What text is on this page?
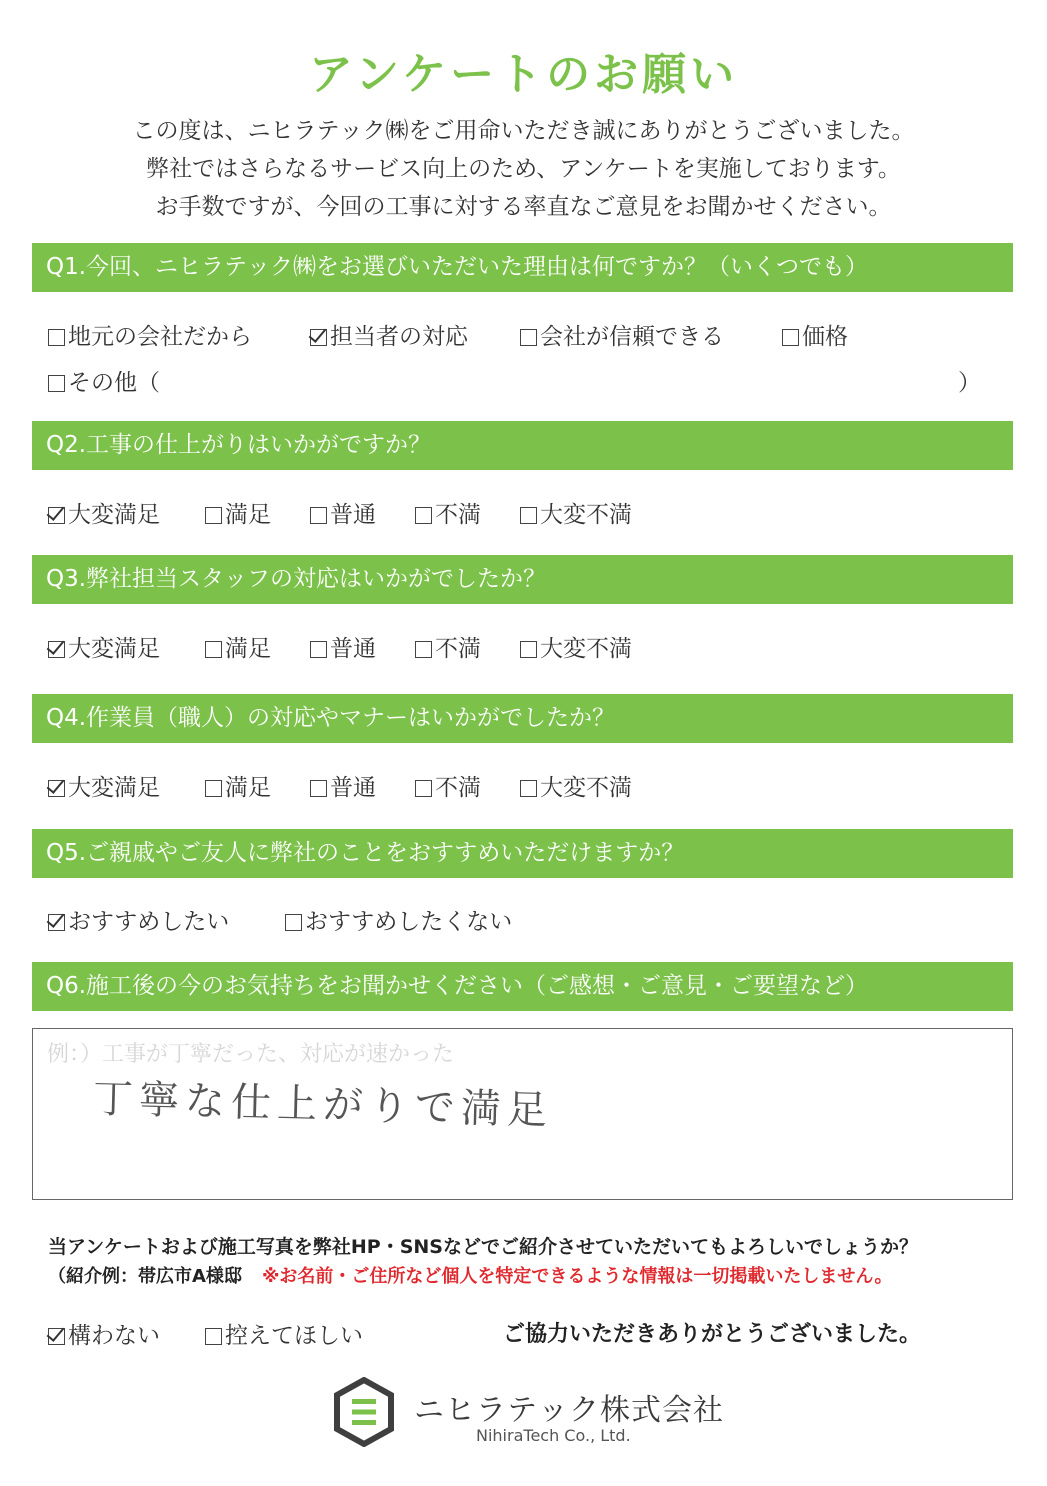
アンケートのお願い
この度は、ニヒラテック㈱をご用命いただき誠にありがとうございました。
弊社ではさらなるサービス向上のため、アンケートを実施しております。
お手数ですが、今回の工事に対する率直なご意見をお聞かせください。
Q1.今回、ニヒラテック㈱をお選びいただいた理由は何ですか？（いくつでも）
地元の会社だから	担当者の対応	会社が信頼できる	価格
その他（	）
Q2.工事の仕上がりはいかがですか？
大変満足	満足	普通	不満	大変不満
Q3.弊社担当スタッフの対応はいかがでしたか？
大変満足	満足	普通	不満	大変不満
Q4.作業員（職人）の対応やマナーはいかがでしたか？
大変満足	満足	普通	不満	大変不満
Q5.ご親戚やご友人に弊社のことをおすすめいただけますか？
おすすめしたい	おすすめしたくない
Q6.施工後の今のお気持ちをお聞かせください（ご感想・ご意見・ご要望など）
例：）工事が丁寧だった、対応が速かった
丁寧な仕上がりで満足
当アンケートおよび施工写真を弊社HP・SNSなどでご紹介させていただいてもよろしいでしょうか？
（紹介例：帯広市A様邸 ※お名前・ご住所など個人を特定できるような情報は一切掲載いたしません。
構わない	控えてほしい	ご協力いただきありがとうございました。
ニヒラテック株式会社
NihiraTech Co., Ltd.
